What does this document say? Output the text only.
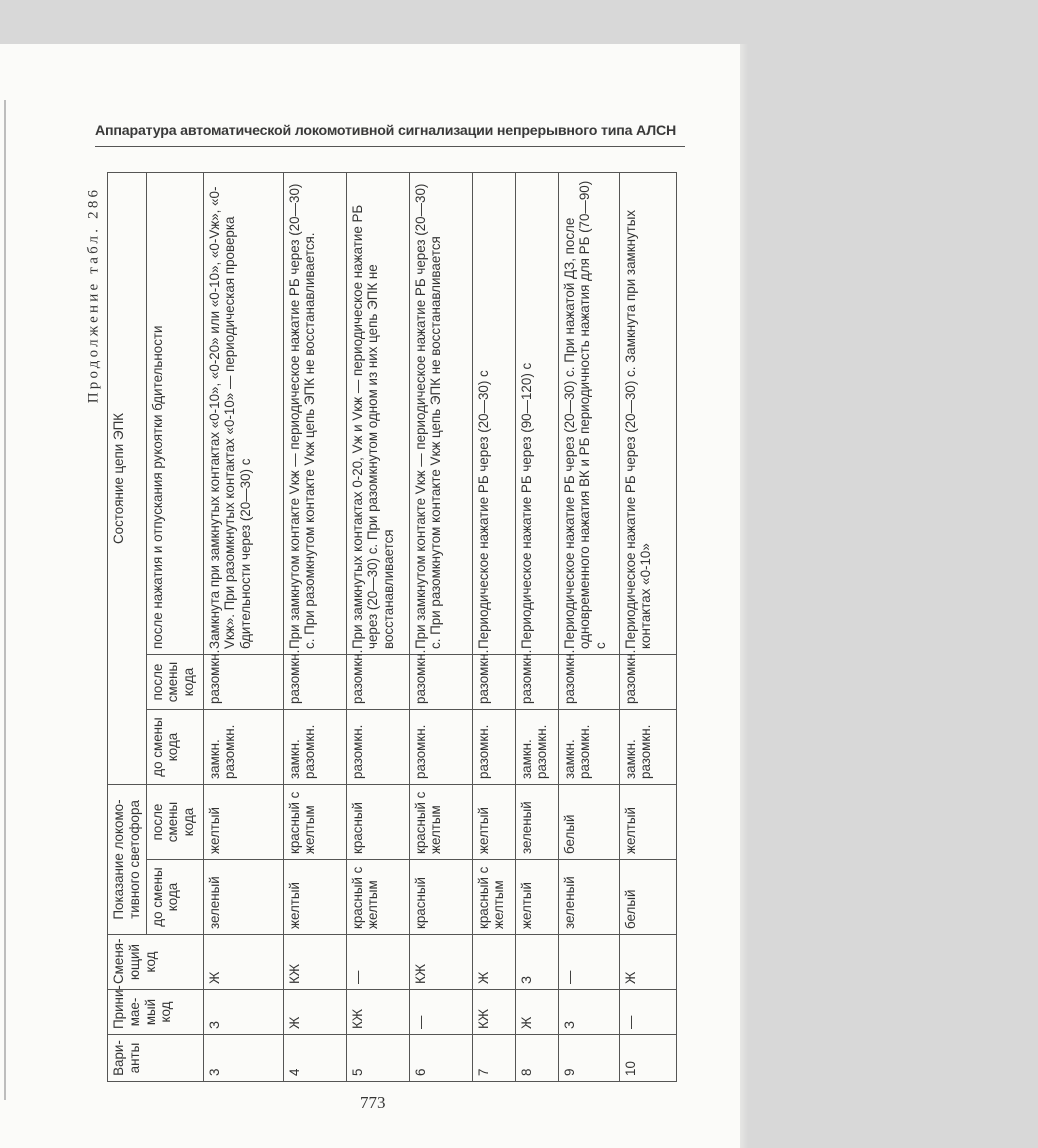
Аппаратура автоматической локомотивной сигнализации непрерывного типа АЛСН
Продолжение табл. 286
Вари-анты	Прини-мае-мый код	Сменя-ющий код	Показание локомо-тивного светофора		Состояние цепи ЭПК		
			до смены кода	после смены кода	до смены кода	после смены кода	после нажатия и отпускания рукоятки бдительности
3	З	Ж	зеленый	желтый	замкн. разомкн.	разомкн.	Замкнута при замкнутых контактах «0-10», «0-20» или «0-10», «0-Vж», «0-Vкж». При разомкнутых контактах «0-10» — периодическая проверка бдительности через (20—30) с
4	Ж	КЖ	желтый	красный с желтым	замкн. разомкн.	разомкн.	При замкнутом контакте Vкж — периодическое нажатие РБ через (20—30) с. При разомкнутом контакте Vкж цепь ЭПК не восстанавливается.
5	КЖ	—	красный с желтым	красный	разомкн.	разомкн.	При замкнутых контактах 0-20, Vж и Vкж — периодическое нажатие РБ через (20—30) с. При разомкнутом одном из них цепь ЭПК не восстанавливается
6	—	КЖ	красный	красный с желтым	разомкн.	разомкн.	При замкнутом контакте Vкж — периодическое нажатие РБ через (20—30) с. При разомкнутом контакте Vкж цепь ЭПК не восстанавливается
7	КЖ	Ж	красный с желтым	желтый	разомкн.	разомкн.	Периодическое нажатие РБ через (20—30) с
8	Ж	З	желтый	зеленый	замкн. разомкн.	разомкн.	Периодическое нажатие РБ через (90—120) с
9	З	—	зеленый	белый	замкн. разомкн.	разомкн.	Периодическое нажатие РБ через (20—30) с. При нажатой ДЗ, после одновременного нажатия ВК и РБ периодичность нажатия для РБ (70—90) с
10	—	Ж	белый	желтый	замкн. разомкн.	разомкн.	Периодическое нажатие РБ через (20—30) с. Замкнута при замкнутых контактах «0-10»
773
